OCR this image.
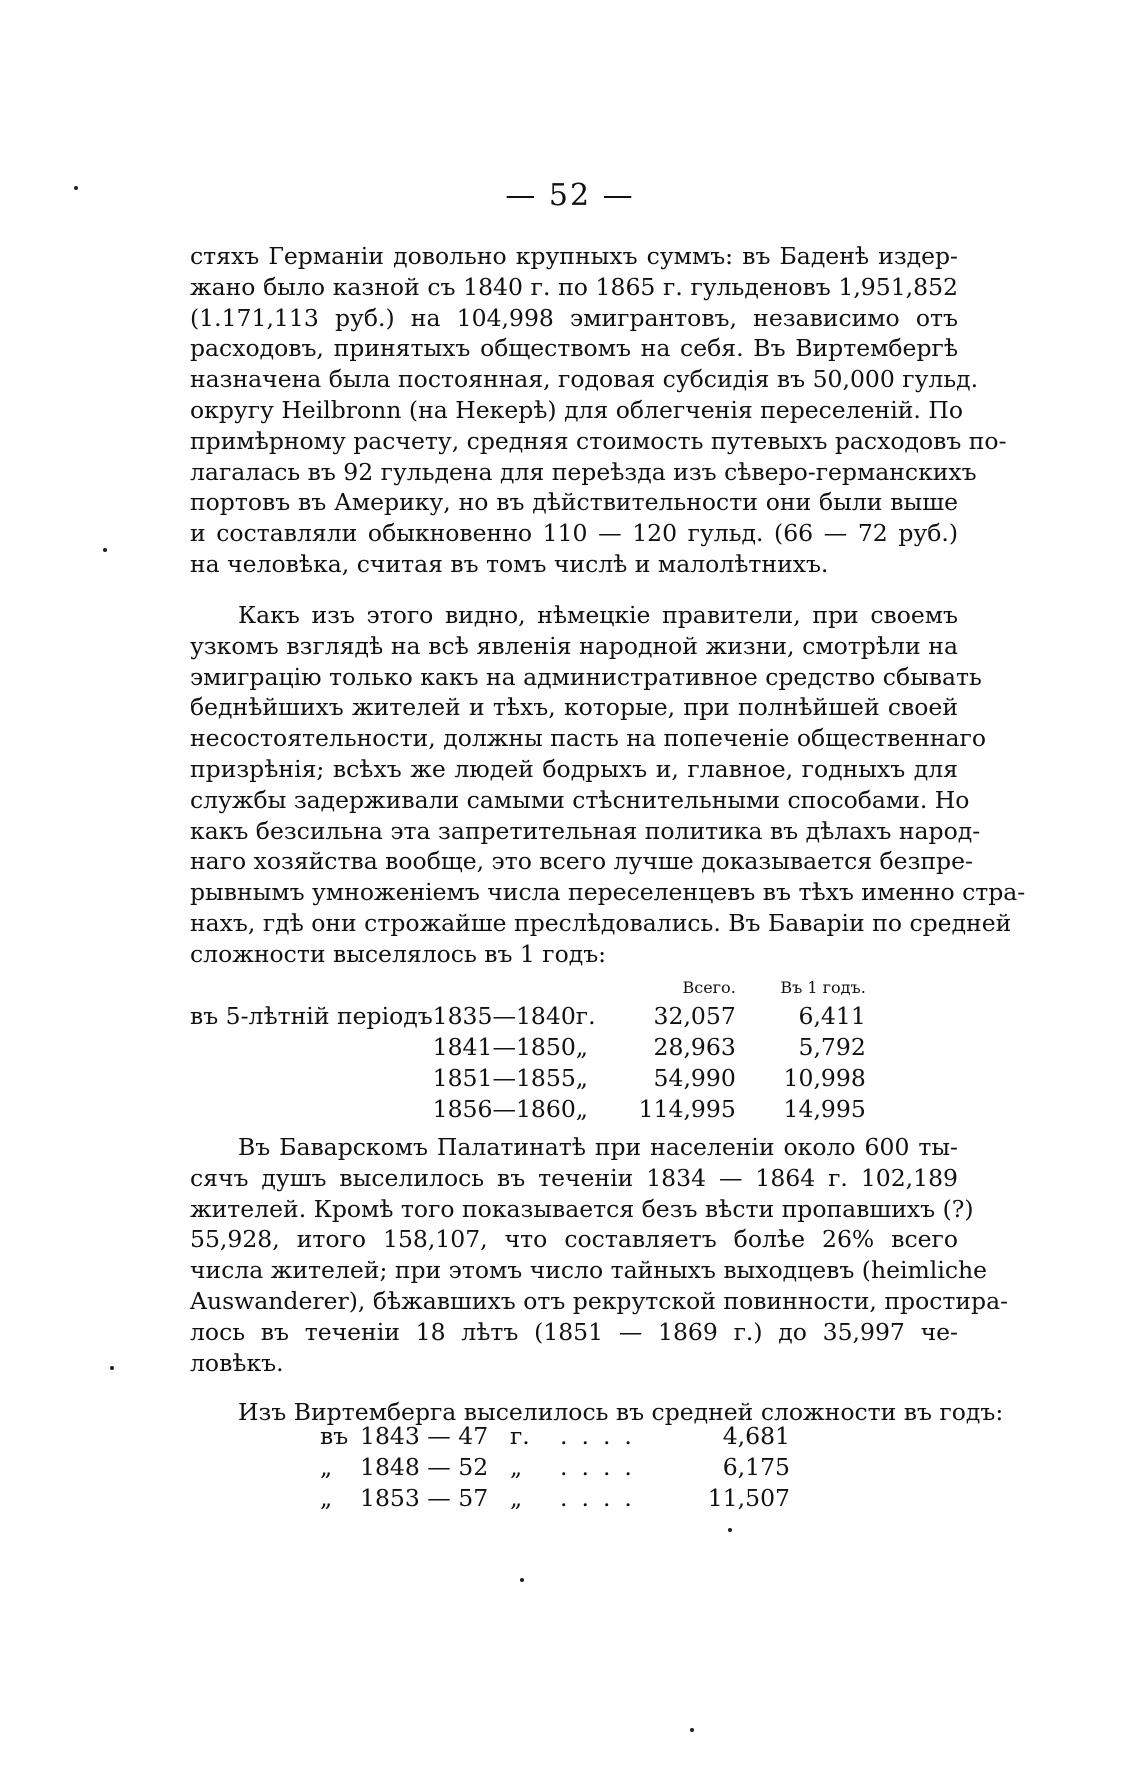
— 52 —
стяхъ Германіи довольно крупныхъ суммъ: въ Баденѣ издер-
жано было казной съ 1840 г. по 1865 г. гульденовъ 1,951,852
(1.171,113 руб.) на 104,998 эмигрантовъ, независимо отъ
расходовъ, принятыхъ обществомъ на себя. Въ Виртембергѣ
назначена была постоянная, годовая субсидія въ 50,000 гульд.
округу Heilbronn (на Некерѣ) для облегченія переселеній. По
примѣрному расчету, средняя стоимость путевыхъ расходовъ по-
лагалась въ 92 гульдена для переѣзда изъ сѣверо-германскихъ
портовъ въ Америку, но въ дѣйствительности они были выше
и составляли обыкновенно 110 — 120 гульд. (66 — 72 руб.)
на человѣка, считая въ томъ числѣ и малолѣтнихъ.
Какъ изъ этого видно, нѣмецкіе правители, при своемъ
узкомъ взглядѣ на всѣ явленія народной жизни, смотрѣли на
эмиграцію только какъ на административное средство сбывать
беднѣйшихъ жителей и тѣхъ, которые, при полнѣйшей своей
несостоятельности, должны пасть на попеченіе общественнаго
призрѣнія; всѣхъ же людей бодрыхъ и, главное, годныхъ для
службы задерживали самыми стѣснительными способами. Но
какъ безсильна эта запретительная политика въ дѣлахъ народ-
наго хозяйства вообще, это всего лучше доказывается безпре-
рывнымъ умноженіемъ числа переселенцевъ въ тѣхъ именно стра-
нахъ, гдѣ они строжайше преслѣдовались. Въ Баваріи по средней
сложности выселялось въ 1 годъ:
			Всего.	Въ 1 годъ.
въ 5-лѣтній періодъ	1835—1840	г.	32,057	6,411
	1841—1850	„	28,963	5,792
	1851—1855	„	54,990	10,998
	1856—1860	„	114,995	14,995
Въ Баварскомъ Палатинатѣ при населеніи около 600 ты-
сячъ душъ выселилось въ теченіи 1834 — 1864 г. 102,189
жителей. Кромѣ того показывается безъ вѣсти пропавшихъ (?)
55,928, итого 158,107, что составляетъ болѣе 26% всего
числа жителей; при этомъ число тайныхъ выходцевъ (heimliche
Auswanderer), бѣжавшихъ отъ рекрутской повинности, простира-
лось въ теченіи 18 лѣтъ (1851 — 1869 г.) до 35,997 че-
ловѣкъ.
Изъ Виртемберга выселилось въ средней сложности въ годъ:
въ	1843 — 47	г.	....	4,681
„	1848 — 52	„	....	6,175
„	1853 — 57	„	....	11,507
